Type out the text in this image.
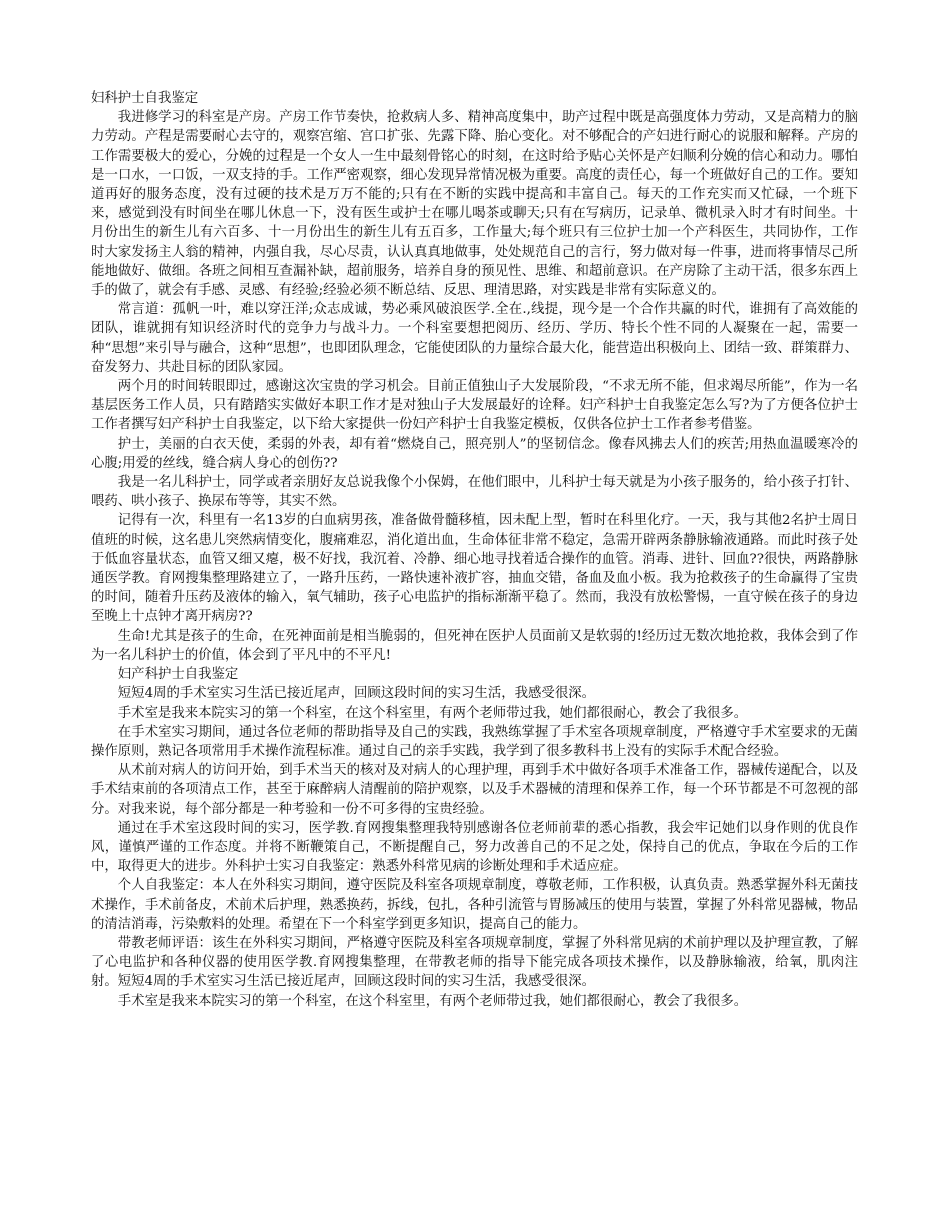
妇科护士自我鉴定

我进修学习的科室是产房。产房工作节奏快，抢救病人多、精神高度集中，助产过程中既是高强度体力劳动，又是高精力的脑力劳动。产程是需要耐心去守的，观察宫缩、宫口扩张、先露下降、胎心变化。对不够配合的产妇进行耐心的说服和解释。产房的工作需要极大的爱心，分娩的过程是一个女人一生中最刻骨铭心的时刻，在这时给予贴心关怀是产妇顺利分娩的信心和动力。哪怕是一口水，一口饭，一双支持的手。工作严密观察，细心发现异常情况极为重要。高度的责任心，每一个班做好自己的工作。要知道再好的服务态度，没有过硬的技术是万万不能的;只有在不断的实践中提高和丰富自己。每天的工作充实而又忙碌，一个班下来，感觉到没有时间坐在哪儿休息一下，没有医生或护士在哪儿喝茶或聊天;只有在写病历，记录单、微机录入时才有时间坐。十月份出生的新生儿有六百多、十一月份出生的新生儿有五百多，工作量大;每个班只有三位护士加一个产科医生，共同协作，工作时大家发扬主人翁的精神，内强自我，尽心尽责，认认真真地做事，处处规范自己的言行，努力做对每一件事，进而将事情尽己所能地做好、做细。各班之间相互查漏补缺，超前服务，培养自身的预见性、思维、和超前意识。在产房除了主动干活，很多东西上手的做了，就会有手感、灵感、有经验;经验必须不断总结、反思、理清思路，对实践是非常有实际意义的。

常言道：孤帆一叶，难以穿汪洋;众志成诚，势必乘风破浪医学.全在.,线提，现今是一个合作共赢的时代，谁拥有了高效能的团队，谁就拥有知识经济时代的竞争力与战斗力。一个科室要想把阅历、经历、学历、特长个性不同的人凝聚在一起，需要一种“思想”来引导与融合，这种“思想”，也即团队理念，它能使团队的力量综合最大化，能营造出积极向上、团结一致、群策群力、奋发努力、共赴目标的团队家园。

两个月的时间转眼即过，感谢这次宝贵的学习机会。目前正值独山子大发展阶段，“不求无所不能，但求竭尽所能”，作为一名基层医务工作人员，只有踏踏实实做好本职工作才是对独山子大发展最好的诠释。妇产科护士自我鉴定怎么写?为了方便各位护士工作者撰写妇产科护士自我鉴定，以下给大家提供一份妇产科护士自我鉴定模板，仅供各位护士工作者参考借鉴。

护士，美丽的白衣天使，柔弱的外表，却有着“燃烧自己，照亮别人”的坚韧信念。像春风拂去人们的疾苦;用热血温暖寒冷的心腹;用爱的丝线，缝合病人身心的创伤??

我是一名儿科护士，同学或者亲朋好友总说我像个小保姆，在他们眼中，儿科护士每天就是为小孩子服务的，给小孩子打针、喂药、哄小孩子、换尿布等等，其实不然。

记得有一次，科里有一名13岁的白血病男孩，准备做骨髓移植，因未配上型，暂时在科里化疗。一天，我与其他2名护士周日值班的时候，这名患儿突然病情变化，腹痛难忍，消化道出血，生命体征非常不稳定，急需开辟两条静脉输液通路。而此时孩子处于低血容量状态，血管又细又瘪，极不好找，我沉着、冷静、细心地寻找着适合操作的血管。消毒、进针、回血??很快，两路静脉通医学教。育网搜集整理路建立了，一路升压药，一路快速补液扩容，抽血交错，备血及血小板。我为抢救孩子的生命赢得了宝贵的时间，随着升压药及液体的输入，氧气辅助，孩子心电监护的指标渐渐平稳了。然而，我没有放松警惕，一直守候在孩子的身边至晚上十点钟才离开病房??

生命!尤其是孩子的生命，在死神面前是相当脆弱的，但死神在医护人员面前又是软弱的!经历过无数次地抢救，我体会到了作为一名儿科护士的价值，体会到了平凡中的不平凡!

妇产科护士自我鉴定

短短4周的手术室实习生活已接近尾声，回顾这段时间的实习生活，我感受很深。

手术室是我来本院实习的第一个科室，在这个科室里，有两个老师带过我，她们都很耐心，教会了我很多。

在手术室实习期间，通过各位老师的帮助指导及自己的实践，我熟练掌握了手术室各项规章制度，严格遵守手术室要求的无菌操作原则，熟记各项常用手术操作流程标准。通过自己的亲手实践，我学到了很多教科书上没有的实际手术配合经验。

从术前对病人的访问开始，到手术当天的核对及对病人的心理护理，再到手术中做好各项手术准备工作，器械传递配合，以及手术结束前的各项清点工作，甚至于麻醉病人清醒前的陪护观察，以及手术器械的清理和保养工作，每一个环节都是不可忽视的部分。对我来说，每个部分都是一种考验和一份不可多得的宝贵经验。

通过在手术室这段时间的实习，医学教.育网搜集整理我特别感谢各位老师前辈的悉心指教，我会牢记她们以身作则的优良作风，谨慎严谨的工作态度。并将不断鞭策自己，不断提醒自己，努力改善自己的不足之处，保持自己的优点，争取在今后的工作中，取得更大的进步。外科护士实习自我鉴定：熟悉外科常见病的诊断处理和手术适应症。

个人自我鉴定：本人在外科实习期间，遵守医院及科室各项规章制度，尊敬老师，工作积极，认真负责。熟悉掌握外科无菌技术操作，手术前备皮，术前术后护理，熟悉换药，拆线，包扎，各种引流管与胃肠减压的使用与装置，掌握了外科常见器械，物品的清洁消毒，污染敷料的处理。希望在下一个科室学到更多知识，提高自己的能力。

带教老师评语：该生在外科实习期间，严格遵守医院及科室各项规章制度，掌握了外科常见病的术前护理以及护理宣教，了解了心电监护和各种仪器的使用医学教.育网搜集整理，在带教老师的指导下能完成各项技术操作，以及静脉输液，给氧，肌肉注射。短短4周的手术室实习生活已接近尾声，回顾这段时间的实习生活，我感受很深。

手术室是我来本院实习的第一个科室，在这个科室里，有两个老师带过我，她们都很耐心，教会了我很多。
